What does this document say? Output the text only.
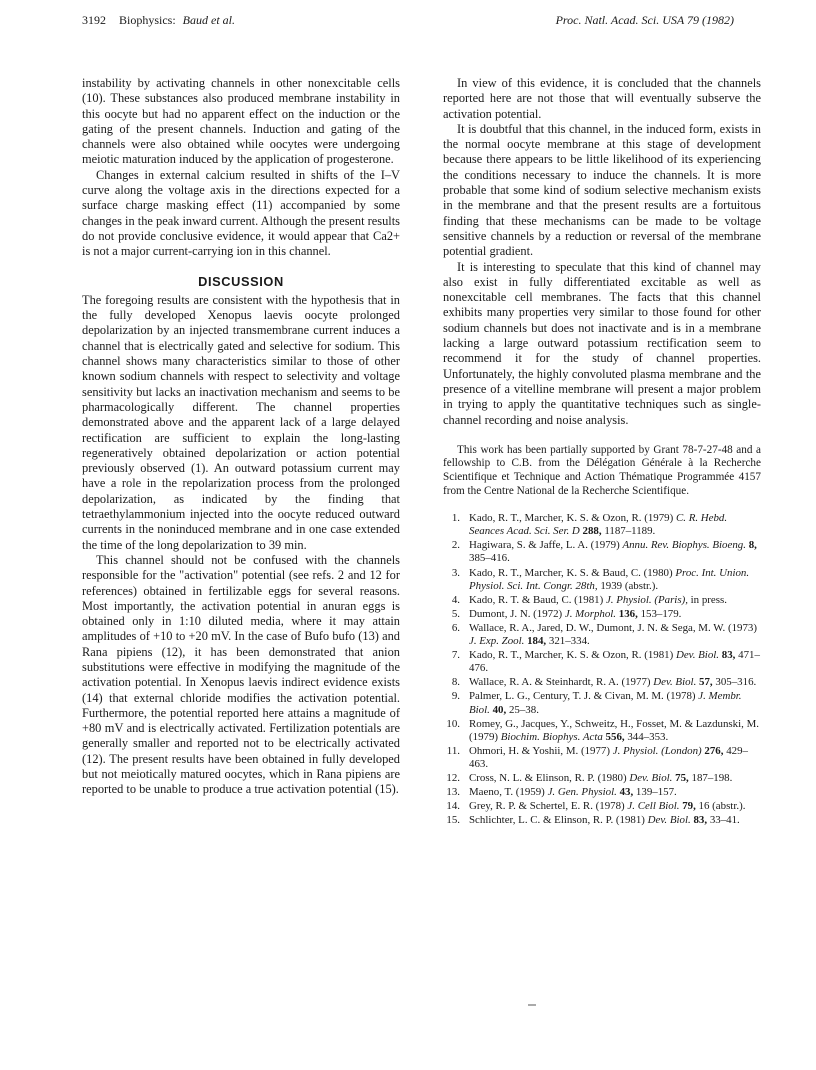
3192 Biophysics: Baud et al.	Proc. Natl. Acad. Sci. USA 79 (1982)

instability by activating channels in other nonexcitable cells (10). These substances also produced membrane instability in this oocyte but had no apparent effect on the induction or the gating of the present channels. Induction and gating of the channels were also obtained while oocytes were undergoing meiotic maturation induced by the application of progesterone.

Changes in external calcium resulted in shifts of the I–V curve along the voltage axis in the directions expected for a surface charge masking effect (11) accompanied by some changes in the peak inward current. Although the present results do not provide conclusive evidence, it would appear that Ca2+ is not a major current-carrying ion in this channel.

DISCUSSION

The foregoing results are consistent with the hypothesis that in the fully developed Xenopus laevis oocyte prolonged depolarization by an injected transmembrane current induces a channel that is electrically gated and selective for sodium. This channel shows many characteristics similar to those of other known sodium channels with respect to selectivity and voltage sensitivity but lacks an inactivation mechanism and seems to be pharmacologically different. The channel properties demonstrated above and the apparent lack of a large delayed rectification are sufficient to explain the long-lasting regeneratively obtained depolarization or action potential previously observed (1). An outward potassium current may have a role in the repolarization process from the prolonged depolarization, as indicated by the finding that tetraethylammonium injected into the oocyte reduced outward currents in the noninduced membrane and in one case extended the time of the long depolarization to 39 min.

This channel should not be confused with the channels responsible for the "activation" potential (see refs. 2 and 12 for references) obtained in fertilizable eggs for several reasons. Most importantly, the activation potential in anuran eggs is obtained only in 1:10 diluted media, where it may attain amplitudes of +10 to +20 mV. In the case of Bufo bufo (13) and Rana pipiens (12), it has been demonstrated that anion substitutions were effective in modifying the magnitude of the activation potential. In Xenopus laevis indirect evidence exists (14) that external chloride modifies the activation potential. Furthermore, the potential reported here attains a magnitude of +80 mV and is electrically activated. Fertilization potentials are generally smaller and reported not to be electrically activated (12). The present results have been obtained in fully developed but not meiotically matured oocytes, which in Rana pipiens are reported to be unable to produce a true activation potential (15).

In view of this evidence, it is concluded that the channels reported here are not those that will eventually subserve the activation potential.

It is doubtful that this channel, in the induced form, exists in the normal oocyte membrane at this stage of development because there appears to be little likelihood of its experiencing the conditions necessary to induce the channels. It is more probable that some kind of sodium selective mechanism exists in the membrane and that the present results are a fortuitous finding that these mechanisms can be made to be voltage sensitive channels by a reduction or reversal of the membrane potential gradient.

It is interesting to speculate that this kind of channel may also exist in fully differentiated excitable as well as nonexcitable cell membranes. The facts that this channel exhibits many properties very similar to those found for other sodium channels but does not inactivate and is in a membrane lacking a large outward potassium rectification seem to recommend it for the study of channel properties. Unfortunately, the highly convoluted plasma membrane and the presence of a vitelline membrane will present a major problem in trying to apply the quantitative techniques such as single-channel recording and noise analysis.

This work has been partially supported by Grant 78-7-27-48 and a fellowship to C.B. from the Délégation Générale à la Recherche Scientifique et Technique and Action Thématique Programmée 4157 from the Centre National de la Recherche Scientifique.

1. Kado, R. T., Marcher, K. S. & Ozon, R. (1979) C. R. Hebd. Seances Acad. Sci. Ser. D 288, 1187–1189.
2. Hagiwara, S. & Jaffe, L. A. (1979) Annu. Rev. Biophys. Bioeng. 8, 385–416.
3. Kado, R. T., Marcher, K. S. & Baud, C. (1980) Proc. Int. Union. Physiol. Sci. Int. Congr. 28th, 1939 (abstr.).
4. Kado, R. T. & Baud, C. (1981) J. Physiol. (Paris), in press.
5. Dumont, J. N. (1972) J. Morphol. 136, 153–179.
6. Wallace, R. A., Jared, D. W., Dumont, J. N. & Sega, M. W. (1973) J. Exp. Zool. 184, 321–334.
7. Kado, R. T., Marcher, K. S. & Ozon, R. (1981) Dev. Biol. 83, 471–476.
8. Wallace, R. A. & Steinhardt, R. A. (1977) Dev. Biol. 57, 305–316.
9. Palmer, L. G., Century, T. J. & Civan, M. M. (1978) J. Membr. Biol. 40, 25–38.
10. Romey, G., Jacques, Y., Schweitz, H., Fosset, M. & Lazdunski, M. (1979) Biochim. Biophys. Acta 556, 344–353.
11. Ohmori, H. & Yoshii, M. (1977) J. Physiol. (London) 276, 429–463.
12. Cross, N. L. & Elinson, R. P. (1980) Dev. Biol. 75, 187–198.
13. Maeno, T. (1959) J. Gen. Physiol. 43, 139–157.
14. Grey, R. P. & Schertel, E. R. (1978) J. Cell Biol. 79, 16 (abstr.).
15. Schlichter, L. C. & Elinson, R. P. (1981) Dev. Biol. 83, 33–41.
